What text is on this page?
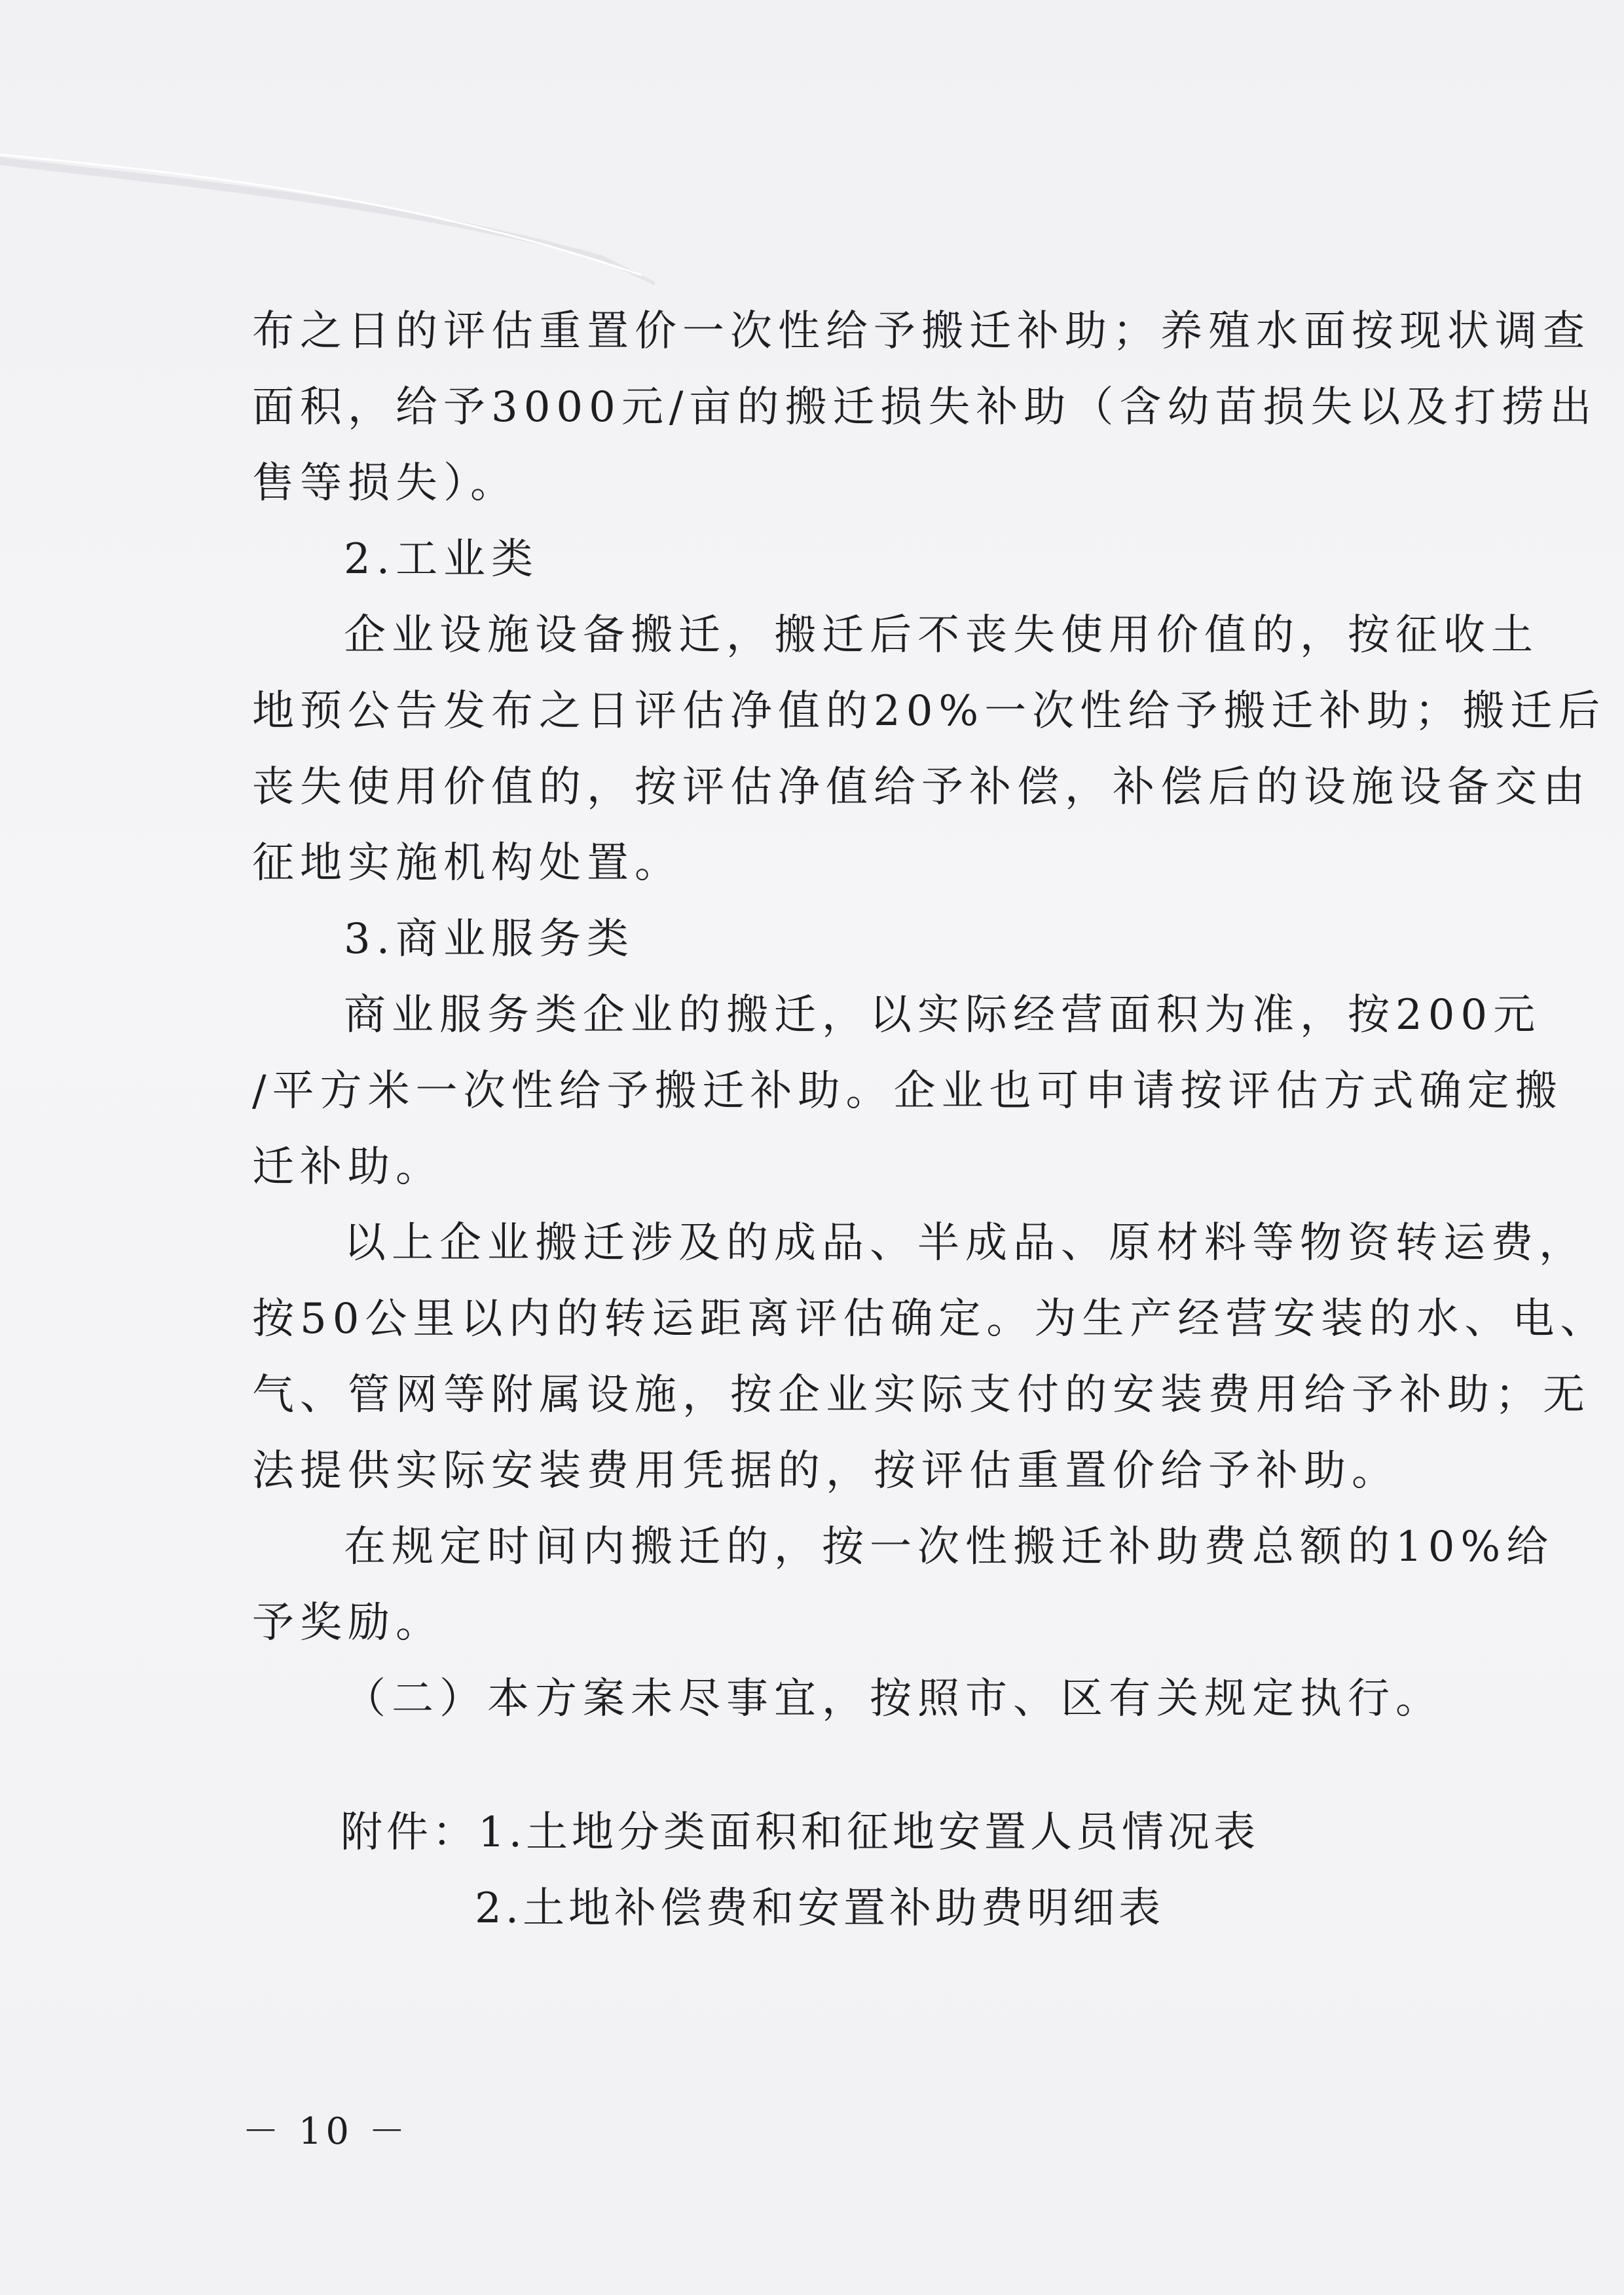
布之日的评估重置价一次性给予搬迁补助；养殖水面按现状调查
面积，给予3000元/亩的搬迁损失补助（含幼苗损失以及打捞出
售等损失）。
2.工业类
企业设施设备搬迁，搬迁后不丧失使用价值的，按征收土
地预公告发布之日评估净值的20%一次性给予搬迁补助；搬迁后
丧失使用价值的，按评估净值给予补偿，补偿后的设施设备交由
征地实施机构处置。
3.商业服务类
商业服务类企业的搬迁，以实际经营面积为准，按200元
/平方米一次性给予搬迁补助。企业也可申请按评估方式确定搬
迁补助。
以上企业搬迁涉及的成品、半成品、原材料等物资转运费，
按50公里以内的转运距离评估确定。为生产经营安装的水、电、
气、管网等附属设施，按企业实际支付的安装费用给予补助；无
法提供实际安装费用凭据的，按评估重置价给予补助。
在规定时间内搬迁的，按一次性搬迁补助费总额的10%给
予奖励。
（二）本方案未尽事宜，按照市、区有关规定执行。
附件：1.土地分类面积和征地安置人员情况表
2.土地补偿费和安置补助费明细表
－ 10 －
